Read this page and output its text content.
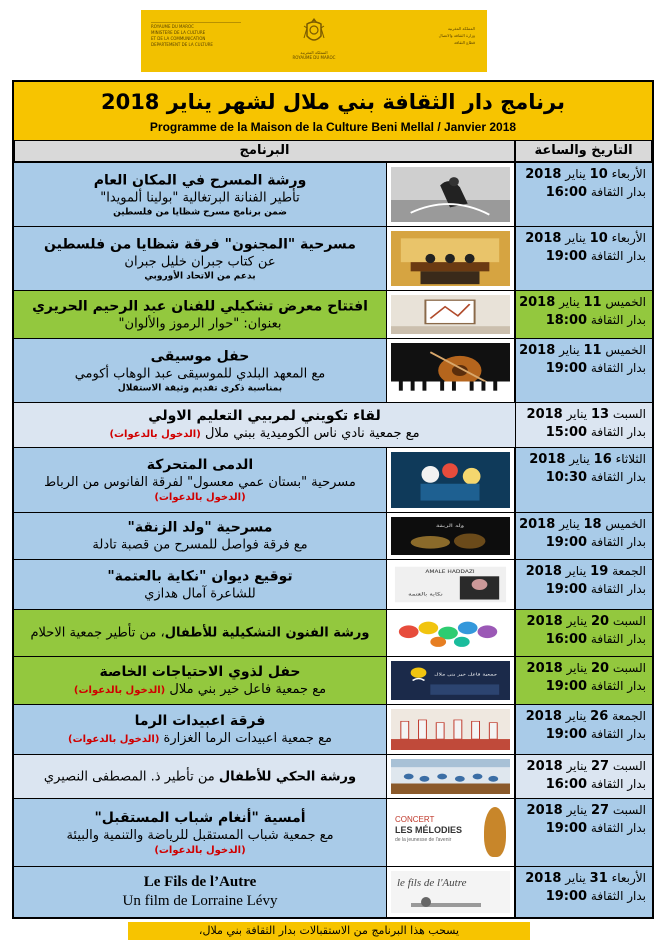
ROYAUME DU MAROC
MINISTERE DE LA CULTURE
ET DE LA COMMUNICATION
DEPARTEMENT DE LA CULTURE
المملكة المغربية
وزارة الثقافة والاتصال
قطاع الثقافة
المملكة المغربية
ROYAUME DU MAROC
برنامج دار الثقافة بني ملال لشهر يناير 2018
Programme de la Maison de la Culture Beni Mellal / Janvier 2018
البرنامج	التاريخ والساعة
الأربعاء 10 يناير 2018
بدار الثقافة 16:00
ورشة المسرح في المكان العام
تأطير الفنانة البرتغالية "بولينا ألمويدا"
ضمن برنامج مسرح شظايا من فلسطين
الأربعاء 10 يناير 2018
بدار الثقافة 19:00
مسرحية "المجنون" فرقة شظايا من فلسطين
عن كتاب جبران خليل جبران
بدعم من الاتحاد الأوروبي
الخميس 11 يناير 2018
بدار الثقافة 18:00
افتتاح معرض تشكيلي للفنان عبد الرحيم الحريري
بعنوان: "حوار الرموز والألوان"
الخميس 11 يناير 2018
بدار الثقافة 19:00
حفل موسيقى
مع المعهد البلدي للموسيقى عبد الوهاب أكومي
بمناسبة ذكرى تقديم وثيقة الاستقلال
السبت 13 يناير 2018
بدار الثقافة 15:00
لقاء تكويني لمربيي التعليم الاولي
مع جمعية نادي ناس الكوميدية ببني ملال (الدخول بالدعوات)
الثلاثاء 16 يناير 2018
بدار الثقافة 10:30
الدمى المتحركة
مسرحية "بستان عمي معسول" لفرقة الفانوس من الرباط
(الدخول بالدعوات)
الخميس 18 يناير 2018
بدار الثقافة 19:00
ولد الزنقة
مسرحية "ولد الزنقة"
مع فرقة فواصل للمسرح من قصبة تادلة
الجمعة 19 يناير 2018
بدار الثقافة 19:00
AMALE HADDAZI
نكاية بالعتمة
توقيع ديوان "نكاية بالعتمة"
للشاعرة آمال هدازي
السبت 20 يناير 2018
بدار الثقافة 16:00
ورشة الفنون التشكيلية للأطفال، من تأطير جمعية الاحلام
السبت 20 يناير 2018
بدار الثقافة 19:00
جمعية فاعل خير بني ملال
حفل لذوي الاحتياجات الخاصة
مع جمعية فاعل خير بني ملال (الدخول بالدعوات)
الجمعة 26 يناير 2018
بدار الثقافة 19:00
فرقة اعبيدات الرما
مع جمعية اعبيدات الرما الغزارة (الدخول بالدعوات)
السبت 27 يناير 2018
بدار الثقافة 16:00
ورشة الحكي للأطفال من تأطير ذ. المصطفى النصيري
السبت 27 يناير 2018
بدار الثقافة 19:00
CONCERT
LES MÉLODIES
de la jeunesse de l'avenir
أمسية "أنغام شباب المستقبل"
مع جمعية شباب المستقبل للرياضة والتنمية والبيئة
(الدخول بالدعوات)
الأربعاء 31 يناير 2018
بدار الثقافة 19:00
le fils de l'Autre
Le Fils de l’Autre
Un film de Lorraine Lévy
يسحب هذا البرنامج من الاستقبالات بدار الثقافة بني ملال،
